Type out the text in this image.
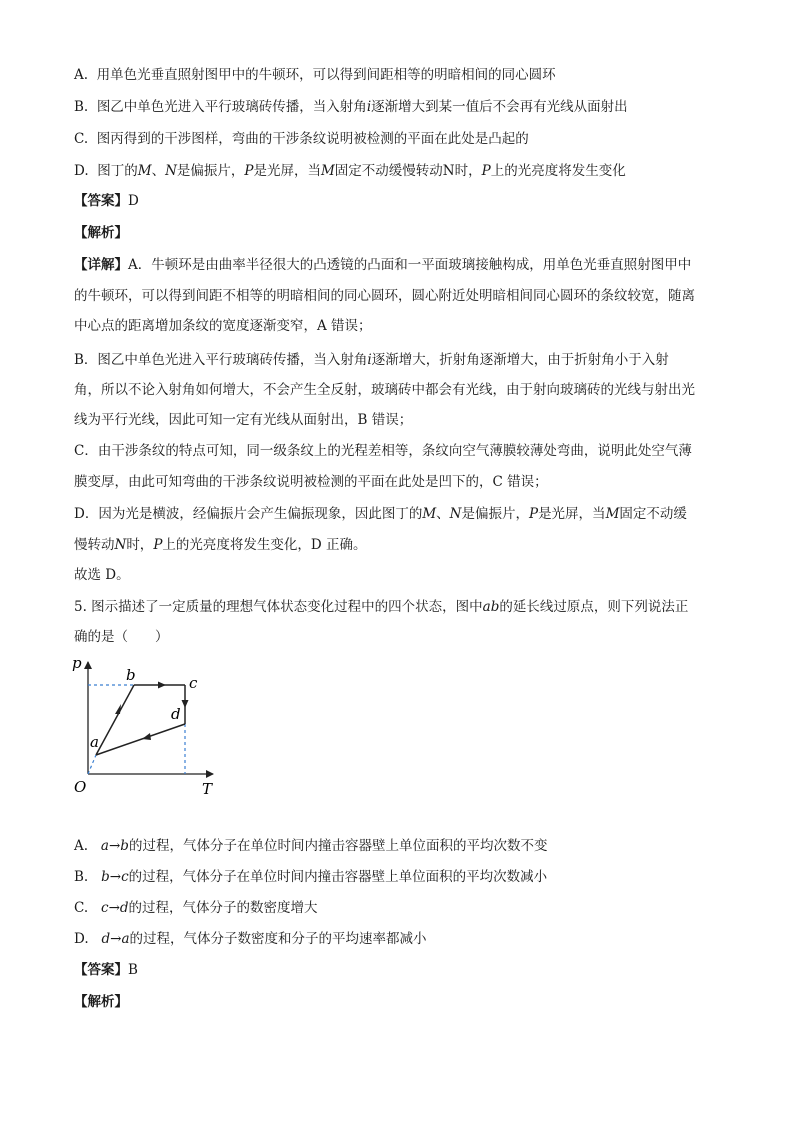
A. 用单色光垂直照射图甲中的牛顿环，可以得到间距相等的明暗相间的同心圆环
B. 图乙中单色光进入平行玻璃砖传播，当入射角i逐渐增大到某一值后不会再有光线从面射出
C. 图丙得到的干涉图样，弯曲的干涉条纹说明被检测的平面在此处是凸起的
D. 图丁的M、N是偏振片，P是光屏，当M固定不动缓慢转动N时，P上的光亮度将发生变化
【答案】D
【解析】
【详解】A．牛顿环是由曲率半径很大的凸透镜的凸面和一平面玻璃接触构成，用单色光垂直照射图甲中
的牛顿环，可以得到间距不相等的明暗相间的同心圆环，圆心附近处明暗相间同心圆环的条纹较宽，随离
中心点的距离增加条纹的宽度逐渐变窄，A 错误；
B．图乙中单色光进入平行玻璃砖传播，当入射角i逐渐增大，折射角逐渐增大，由于折射角小于入射
角，所以不论入射角如何增大，不会产生全反射，玻璃砖中都会有光线，由于射向玻璃砖的光线与射出光
线为平行光线，因此可知一定有光线从面射出，B 错误；
C．由干涉条纹的特点可知，同一级条纹上的光程差相等，条纹向空气薄膜较薄处弯曲，说明此处空气薄
膜变厚，由此可知弯曲的干涉条纹说明被检测的平面在此处是凹下的，C 错误；
D．因为光是横波，经偏振片会产生偏振现象，因此图丁的M、N是偏振片，P是光屏，当M固定不动缓
慢转动N时，P上的光亮度将发生变化，D 正确。
故选 D。
5. 图示描述了一定质量的理想气体状态变化过程中的四个状态，图中ab的延长线过原点，则下列说法正
确的是（　　）
p
T
O
a
b	c
d
A. a→b的过程，气体分子在单位时间内撞击容器壁上单位面积的平均次数不变
B. b→c的过程，气体分子在单位时间内撞击容器壁上单位面积的平均次数减小
C. c→d的过程，气体分子的数密度增大
D. d→a的过程，气体分子数密度和分子的平均速率都减小
【答案】B
【解析】
